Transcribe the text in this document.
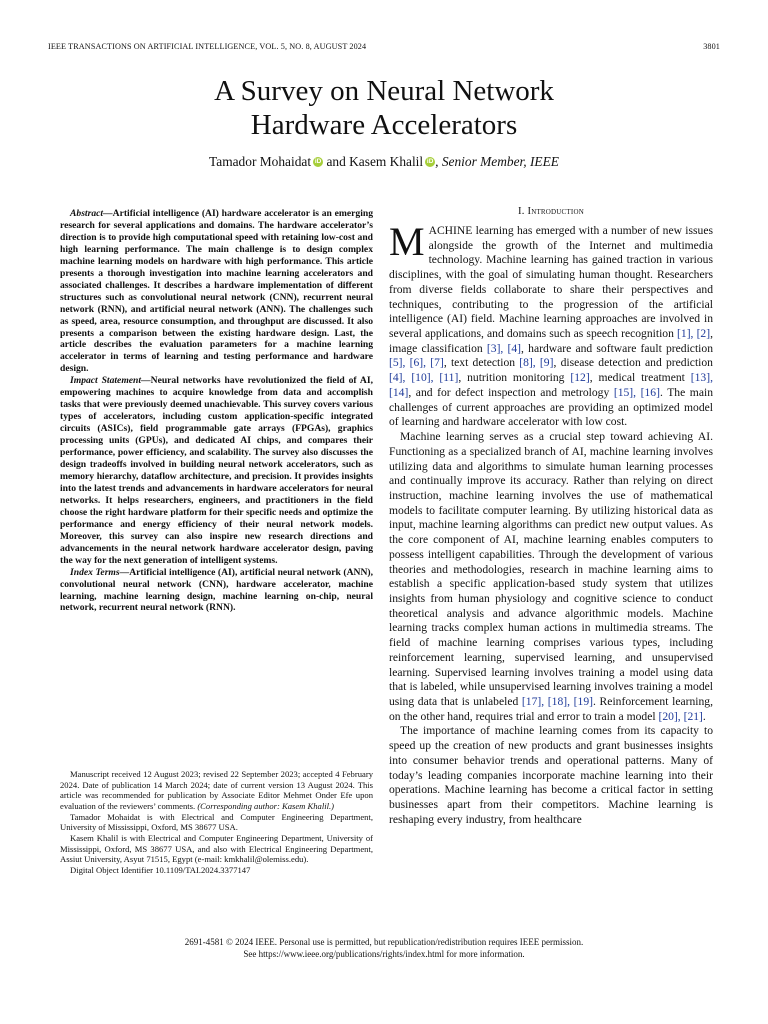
IEEE TRANSACTIONS ON ARTIFICIAL INTELLIGENCE, VOL. 5, NO. 8, AUGUST 2024	3801
A Survey on Neural Network
Hardware Accelerators
Tamador Mohaidat iD and Kasem Khalil iD , Senior Member, IEEE

Abstract—Artificial intelligence (AI) hardware accelerator is an emerging research for several applications and domains. The hardware accelerator’s direction is to provide high computational speed with retaining low-cost and high learning performance. The main challenge is to design complex machine learning models on hardware with high performance. This article presents a thorough investigation into machine learning accelerators and associated challenges. It describes a hardware implementation of different structures such as convolutional neural network (CNN), recurrent neural network (RNN), and artificial neural network (ANN). The challenges such as speed, area, resource consumption, and throughput are discussed. It also presents a comparison between the existing hardware design. Last, the article describes the evaluation parameters for a machine learning accelerator in terms of learning and testing performance and hardware design.

Impact Statement—Neural networks have revolutionized the field of AI, empowering machines to acquire knowledge from data and accomplish tasks that were previously deemed unachievable. This survey covers various types of accelerators, including custom application-specific integrated circuits (ASICs), field programmable gate arrays (FPGAs), graphics processing units (GPUs), and dedicated AI chips, and compares their performance, power efficiency, and scalability. The survey also discusses the design tradeoffs involved in building neural network accelerators, such as memory hierarchy, dataflow architecture, and precision. It provides insights into the latest trends and advancements in hardware accelerators for neural networks. It helps researchers, engineers, and practitioners in the field choose the right hardware platform for their specific needs and optimize the performance and energy efficiency of their neural network models. Moreover, this survey can also inspire new research directions and advancements in the neural network hardware accelerator design, paving the way for the next generation of intelligent systems.

Index Terms—Artificial intelligence (AI), artificial neural network (ANN), convolutional neural network (CNN), hardware accelerator, machine learning, machine learning design, machine learning on-chip, neural network, recurrent neural network (RNN).

Manuscript received 12 August 2023; revised 22 September 2023; accepted 4 February 2024. Date of publication 14 March 2024; date of current version 13 August 2024. This article was recommended for publication by Associate Editor Mehmet Onder Efe upon evaluation of the reviewers’ comments. (Corresponding author: Kasem Khalil.)

Tamador Mohaidat is with Electrical and Computer Engineering Department, University of Mississippi, Oxford, MS 38677 USA.

Kasem Khalil is with Electrical and Computer Engineering Department, University of Mississippi, Oxford, MS 38677 USA, and also with Electrical Engineering Department, Assiut University, Asyut 71515, Egypt (e-mail: kmkhalil@olemiss.edu).

Digital Object Identifier 10.1109/TAI.2024.3377147

I. Introduction

MACHINE learning has emerged with a number of new issues alongside the growth of the Internet and multimedia technology. Machine learning has gained traction in various disciplines, with the goal of simulating human thought. Researchers from diverse fields collaborate to share their perspectives and techniques, contributing to the progression of the artificial intelligence (AI) field. Machine learning approaches are involved in several applications, and domains such as speech recognition [1], [2], image classification [3], [4], hardware and software fault prediction [5], [6], [7], text detection [8], [9], disease detection and prediction [4], [10], [11], nutrition monitoring [12], medical treatment [13], [14], and for defect inspection and metrology [15], [16]. The main challenges of current approaches are providing an optimized model of learning and hardware accelerator with low cost.

Machine learning serves as a crucial step toward achieving AI. Functioning as a specialized branch of AI, machine learning involves utilizing data and algorithms to simulate human learning processes and continually improve its accuracy. Rather than relying on direct instruction, machine learning involves the use of mathematical models to facilitate computer learning. By utilizing historical data as input, machine learning algorithms can predict new output values. As the core component of AI, machine learning enables computers to possess intelligent capabilities. Through the development of various theories and methodologies, research in machine learning aims to establish a specific application-based study system that utilizes insights from human physiology and cognitive science to conduct theoretical analysis and advance algorithmic models. Machine learning tracks complex human actions in multimedia streams. The field of machine learning comprises various types, including reinforcement learning, supervised learning, and unsupervised learning. Supervised learning involves training a model using data that is labeled, while unsupervised learning involves training a model using data that is unlabeled [17], [18], [19]. Reinforcement learning, on the other hand, requires trial and error to train a model [20], [21].

The importance of machine learning comes from its capacity to speed up the creation of new products and grant businesses insights into consumer behavior trends and operational patterns. Many of today’s leading companies incorporate machine learning into their operations. Machine learning has become a critical factor in setting businesses apart from their competitors. Machine learning is reshaping every industry, from healthcare

2691-4581 © 2024 IEEE. Personal use is permitted, but republication/redistribution requires IEEE permission.
See https://www.ieee.org/publications/rights/index.html for more information.
